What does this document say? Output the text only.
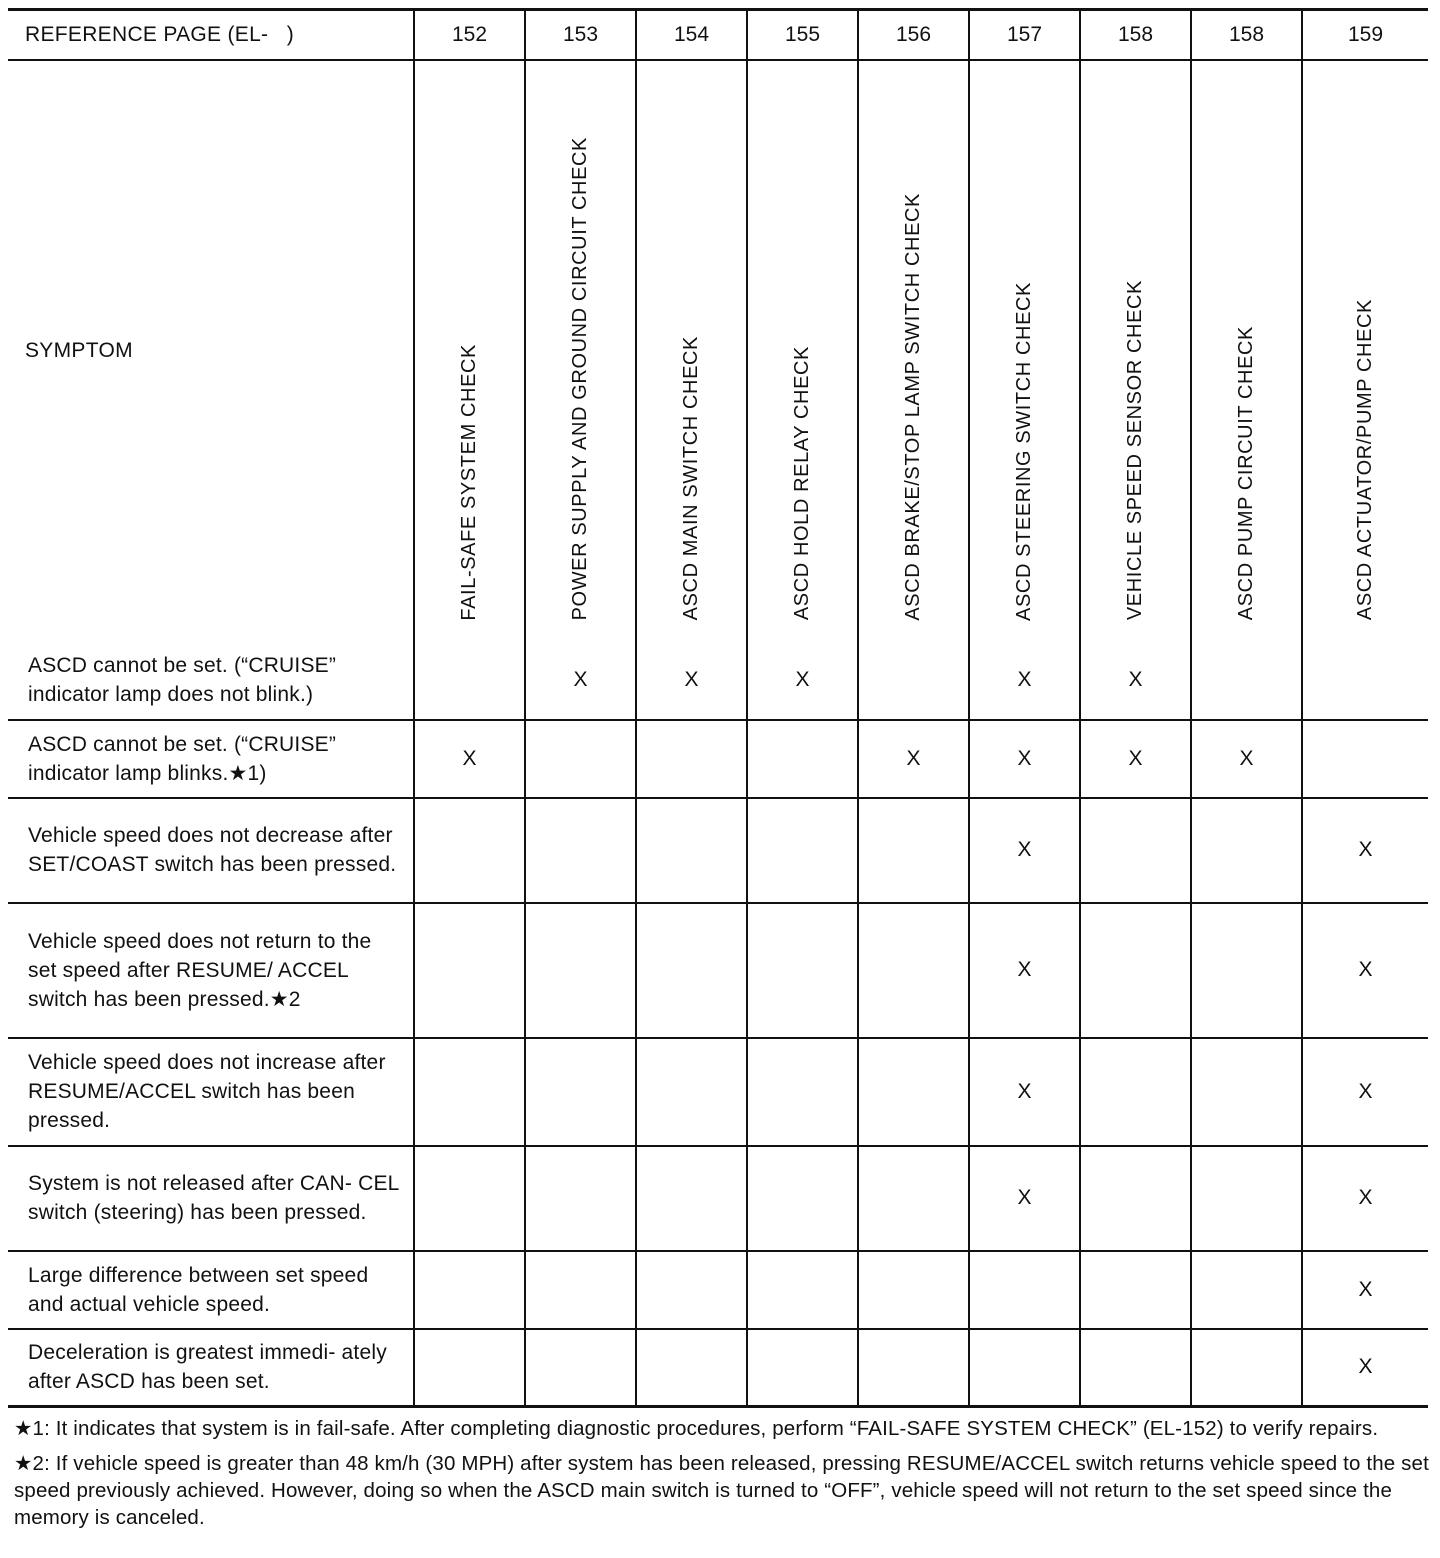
REFERENCE PAGE (EL-   )	152	153	154	155	156	157	158	158	159
SYMPTOM	FAIL-SAFE SYSTEM CHECK	POWER SUPPLY AND GROUND CIRCUIT CHECK	ASCD MAIN SWITCH CHECK	ASCD HOLD RELAY CHECK	ASCD BRAKE/STOP LAMP SWITCH CHECK	ASCD STEERING SWITCH CHECK	VEHICLE SPEED SENSOR CHECK	ASCD PUMP CIRCUIT CHECK	ASCD ACTUATOR/PUMP CHECK
ASCD cannot be set. (“CRUISE” indicator lamp does not blink.)		X	X	X		X	X		
ASCD cannot be set. (“CRUISE” indicator lamp blinks.★1)	X				X	X	X	X	
Vehicle speed does not decrease after SET/COAST switch has been pressed.						X			X
Vehicle speed does not return to the set speed after RESUME/ ACCEL switch has been pressed.★2						X			X
Vehicle speed does not increase after RESUME/ACCEL switch has been pressed.						X			X
System is not released after CAN- CEL switch (steering) has been pressed.						X			X
Large difference between set speed and actual vehicle speed.									X
Deceleration is greatest immedi- ately after ASCD has been set.									X

★1: It indicates that system is in fail-safe. After completing diagnostic procedures, perform “FAIL-SAFE SYSTEM CHECK” (EL-152) to verify repairs.

★2: If vehicle speed is greater than 48 km/h (30 MPH) after system has been released, pressing RESUME/ACCEL switch returns vehicle speed to the set speed previously achieved. However, doing so when the ASCD main switch is turned to “OFF”, vehicle speed will not return to the set speed since the memory is canceled.
